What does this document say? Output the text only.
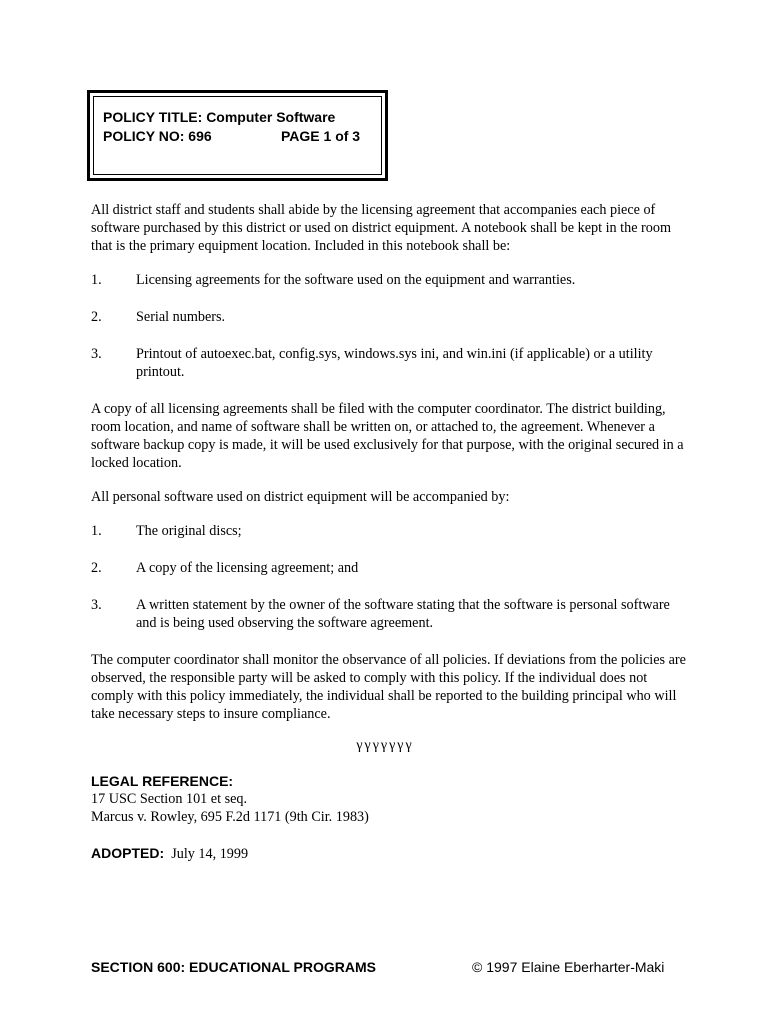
POLICY TITLE: Computer Software
POLICY NO: 696	PAGE 1 of 3

All district staff and students shall abide by the licensing agreement that accompanies each piece of software purchased by this district or used on district equipment. A notebook shall be kept in the room that is the primary equipment location. Included in this notebook shall be:

1.	Licensing agreements for the software used on the equipment and warranties.
2.	Serial numbers.
3.	Printout of autoexec.bat, config.sys, windows.sys ini, and win.ini (if applicable) or a utility printout.

A copy of all licensing agreements shall be filed with the computer coordinator. The district building, room location, and name of software shall be written on, or attached to, the agreement. Whenever a software backup copy is made, it will be used exclusively for that purpose, with the original secured in a locked location.

All personal software used on district equipment will be accompanied by:

1.	The original discs;
2.	A copy of the licensing agreement; and
3.	A written statement by the owner of the software stating that the software is personal software and is being used observing the software agreement.

The computer coordinator shall monitor the observance of all policies. If deviations from the policies are observed, the responsible party will be asked to comply with this policy. If the individual does not comply with this policy immediately, the individual shall be reported to the building principal who will take necessary steps to insure compliance.

γγγγγγγ
LEGAL REFERENCE:
17 USC Section 101 et seq.
Marcus v. Rowley, 695 F.2d 1171 (9th Cir. 1983)
ADOPTED: July 14, 1999
SECTION 600: EDUCATIONAL PROGRAMS	© 1997 Elaine Eberharter-Maki
